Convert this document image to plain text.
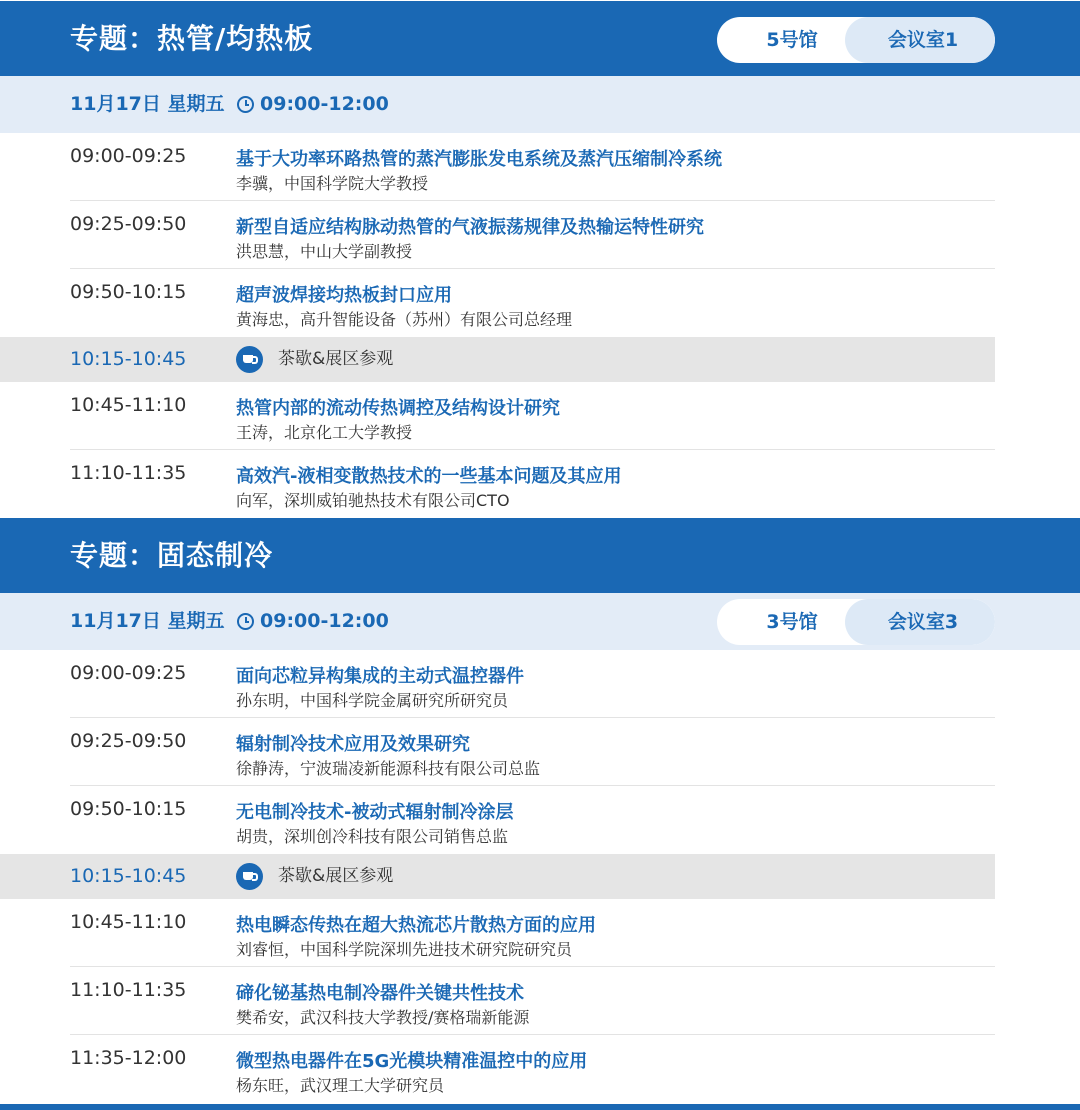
专题：热管/均热板	5号馆	会议室1
11月17日 星期五 09:00-12:00
09:00-09:25	基于大功率环路热管的蒸汽膨胀发电系统及蒸汽压缩制冷系统
李骥，中国科学院大学教授
09:25-09:50	新型自适应结构脉动热管的气液振荡规律及热输运特性研究
洪思慧，中山大学副教授
09:50-10:15	超声波焊接均热板封口应用
黄海忠，高升智能设备（苏州）有限公司总经理
10:15-10:45	茶歇&展区参观
10:45-11:10	热管内部的流动传热调控及结构设计研究
王涛，北京化工大学教授
11:10-11:35	高效汽-液相变散热技术的一些基本问题及其应用
向军，深圳威铂驰热技术有限公司CTO
专题：固态制冷
11月17日 星期五 09:00-12:00	3号馆	会议室3
09:00-09:25	面向芯粒异构集成的主动式温控器件
孙东明，中国科学院金属研究所研究员
09:25-09:50	辐射制冷技术应用及效果研究
徐静涛，宁波瑞凌新能源科技有限公司总监
09:50-10:15	无电制冷技术-被动式辐射制冷涂层
胡贵，深圳创冷科技有限公司销售总监
10:15-10:45	茶歇&展区参观
10:45-11:10	热电瞬态传热在超大热流芯片散热方面的应用
刘睿恒，中国科学院深圳先进技术研究院研究员
11:10-11:35	碲化铋基热电制冷器件关键共性技术
樊希安，武汉科技大学教授/赛格瑞新能源
11:35-12:00	微型热电器件在5G光模块精准温控中的应用
杨东旺，武汉理工大学研究员
